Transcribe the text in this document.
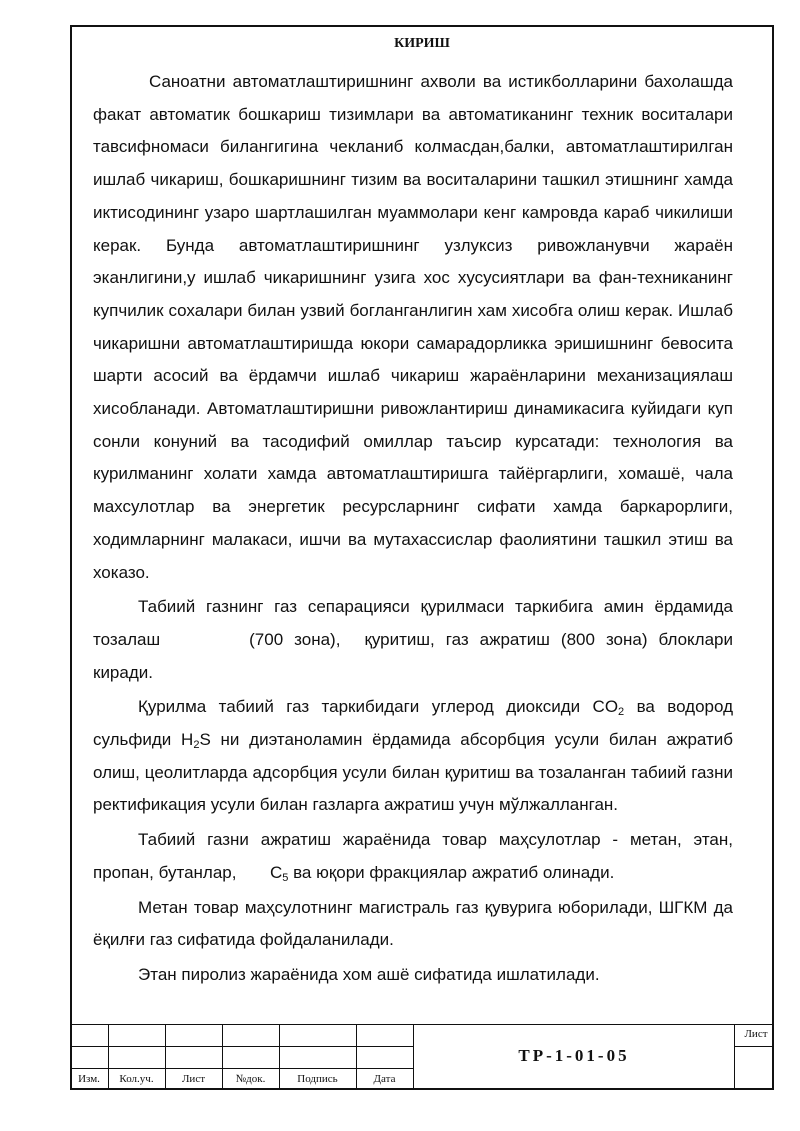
КИРИШ

Саноатни автоматлаштиришнинг ахволи ва истикболларини бахолашда факат автоматик бошкариш тизимлари ва автоматиканинг техник воситалари тавсифномаси билангигина чекланиб колмасдан,балки, автоматлаштирилган ишлаб чикариш, бошкаришнинг тизим ва воситаларини ташкил этишнинг хамда иктисодининг узаро шартлашилган муаммолари кенг камровда караб чикилиши керак. Бунда автоматлаштиришнинг узлуксиз ривожланувчи жараён эканлигини,у ишлаб чикаришнинг узига хос хусусиятлари ва фан-техниканинг купчилик сохалари билан узвий богланганлигин хам хисобга олиш керак. Ишлаб чикаришни автоматлаштиришда юкори самарадорликка эришишнинг бевосита шарти асосий ва ёрдамчи ишлаб чикариш жараёнларини механизациялаш хисобланади. Автоматлаштиришни ривожлантириш динамикасига куйидаги куп сонли конуний ва тасодифий омиллар таъсир курсатади: технология ва курилманинг холати хамда автоматлаштиришга тайёргарлиги, хомашё, чала махсулотлар ва энергетик ресурсларнинг сифати хамда баркарорлиги, ходимларнинг малакаси, ишчи ва мутахассислар фаолиятини ташкил этиш ва хоказо.

Табиий газнинг газ сепарацияси қурилмаси таркибига амин ёрдамида тозалаш	(700 зона), қуритиш, газ ажратиш (800 зона) блоклари киради.

Қурилма табиий газ таркибидаги углерод диоксиди $CO_2$ ва водород сульфиди $H_2S$ ни диэтаноламин ёрдамида абсорбция усули билан ажратиб олиш, цеолитларда адсорбция усули билан қуритиш ва тозаланган табиий газни ректификация усули билан газларга ажратиш учун мўлжалланган.

Табиий газни ажратиш жараёнида товар маҳсулотлар - метан, этан, пропан, бутанлар, $C_5$ ва юқори фракциялар ажратиб олинади.

Метан товар маҳсулотнинг магистраль газ қувурига юборилади, ШГКМ да ёқилғи газ сифатида фойдаланилади.

Этан пиролиз жараёнида хом ашё сифатида ишлатилади.

Изм.	Кол.уч.	Лист	№док.	Подпись	Дата
ТР-1-01-05
Лист
